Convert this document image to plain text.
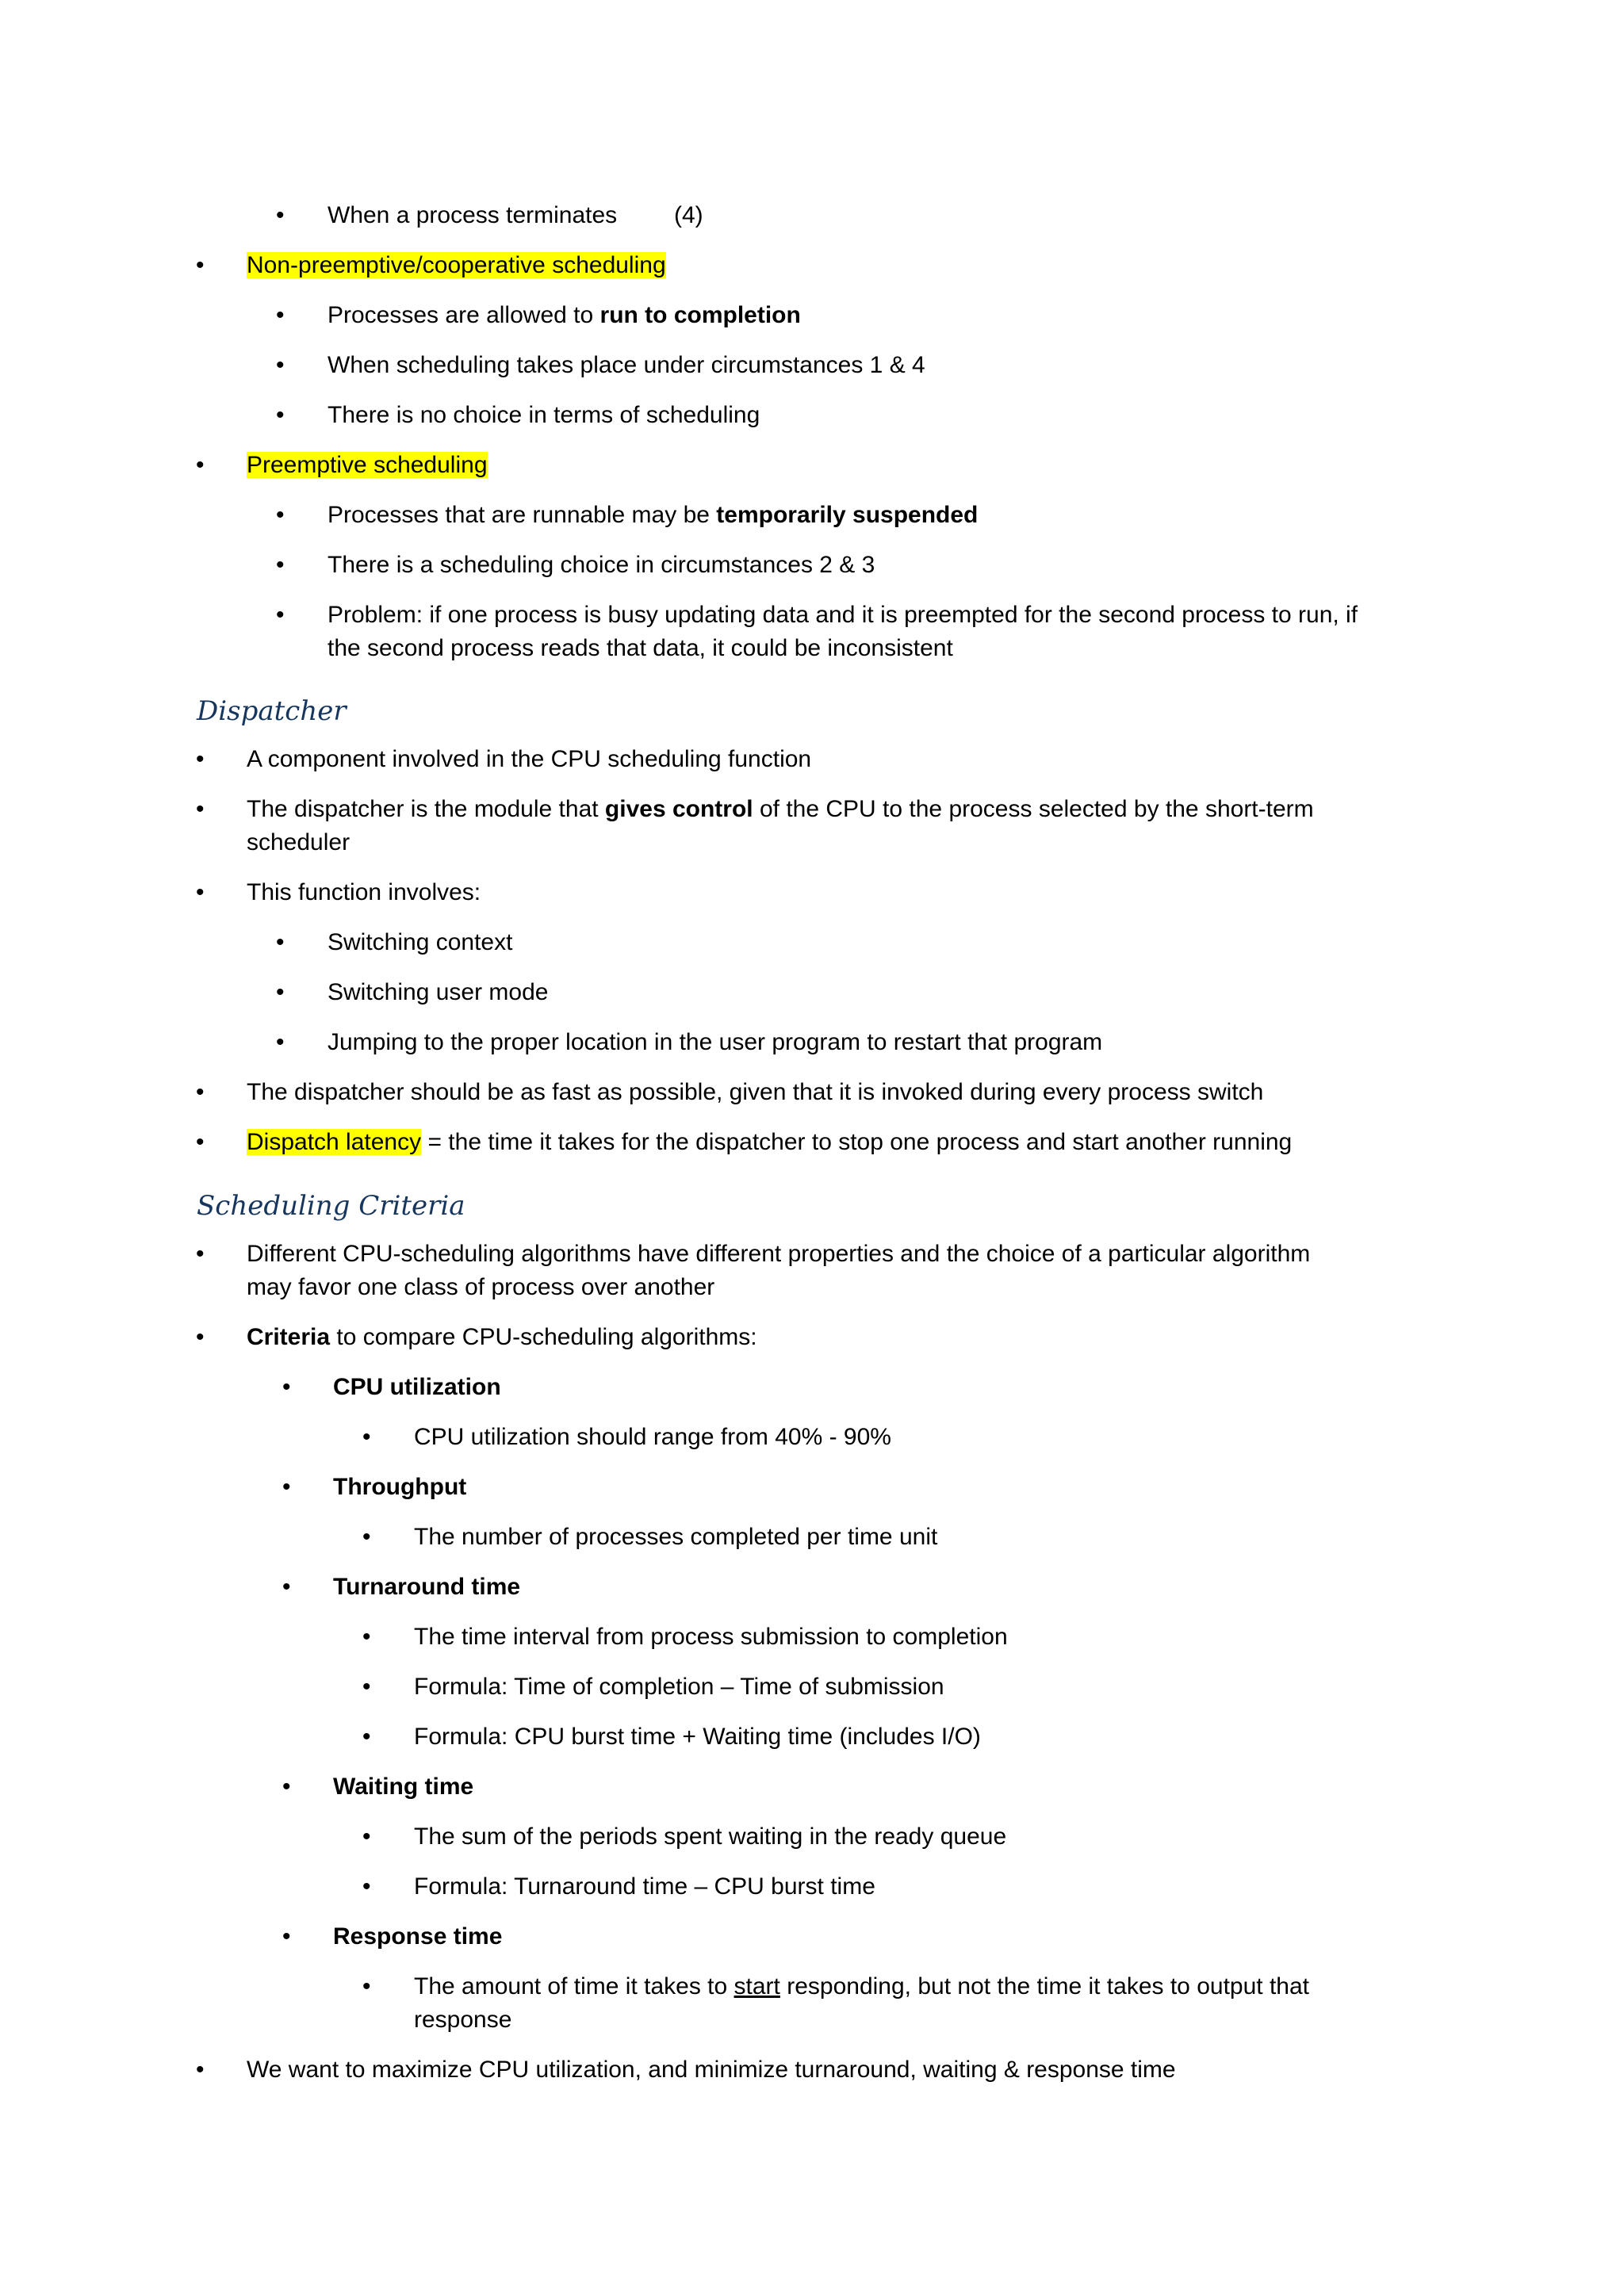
• When a process terminates (4)
• Non-preemptive/cooperative scheduling
• Processes are allowed to run to completion
• When scheduling takes place under circumstances 1 & 4
• There is no choice in terms of scheduling
• Preemptive scheduling
• Processes that are runnable may be temporarily suspended
• There is a scheduling choice in circumstances 2 & 3
• Problem: if one process is busy updating data and it is preempted for the second process to run, if
the second process reads that data, it could be inconsistent
Dispatcher
• A component involved in the CPU scheduling function
• The dispatcher is the module that gives control of the CPU to the process selected by the short-term
scheduler
• This function involves:
• Switching context
• Switching user mode
• Jumping to the proper location in the user program to restart that program
• The dispatcher should be as fast as possible, given that it is invoked during every process switch
• Dispatch latency = the time it takes for the dispatcher to stop one process and start another running
Scheduling Criteria
• Different CPU-scheduling algorithms have different properties and the choice of a particular algorithm
may favor one class of process over another
• Criteria to compare CPU-scheduling algorithms:
• CPU utilization
• CPU utilization should range from 40% - 90%
• Throughput
• The number of processes completed per time unit
• Turnaround time
• The time interval from process submission to completion
• Formula: Time of completion – Time of submission
• Formula: CPU burst time + Waiting time (includes I/O)
• Waiting time
• The sum of the periods spent waiting in the ready queue
• Formula: Turnaround time – CPU burst time
• Response time
• The amount of time it takes to start responding, but not the time it takes to output that
response
• We want to maximize CPU utilization, and minimize turnaround, waiting & response time
